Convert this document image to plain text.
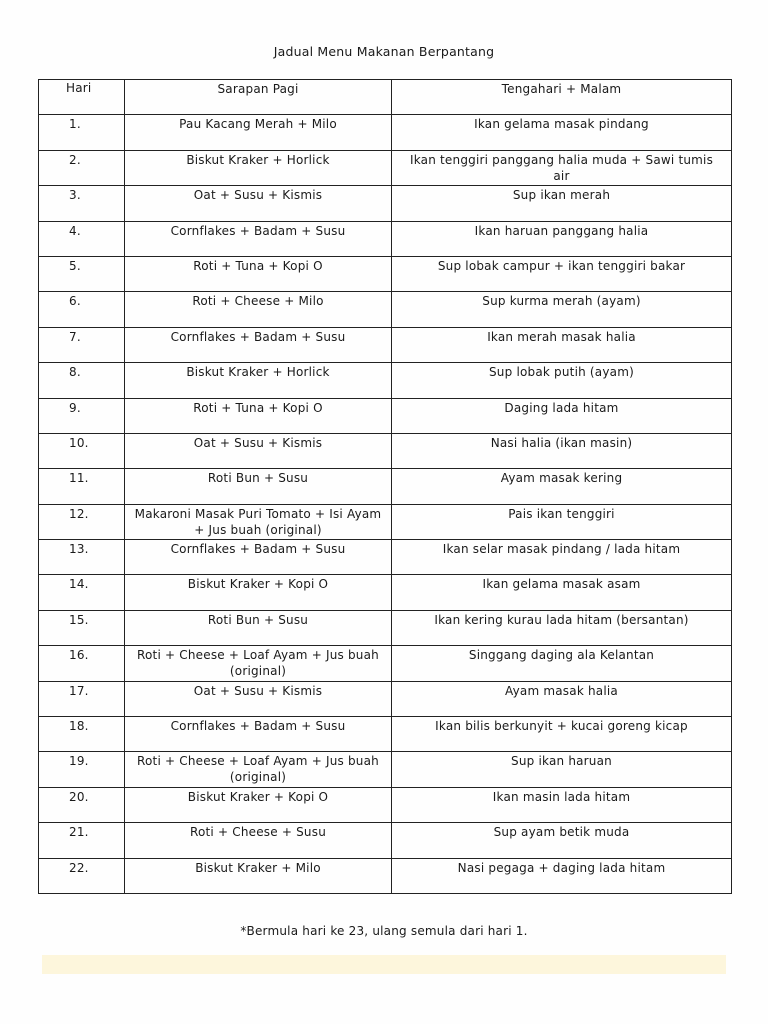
Jadual Menu Makanan Berpantang
Hari	Sarapan Pagi	Tengahari + Malam
1.	Pau Kacang Merah + Milo	Ikan gelama masak pindang
2.	Biskut Kraker + Horlick	Ikan tenggiri panggang halia muda + Sawi tumis air
3.	Oat + Susu + Kismis	Sup ikan merah
4.	Cornflakes + Badam + Susu	Ikan haruan panggang halia
5.	Roti + Tuna + Kopi O	Sup lobak campur + ikan tenggiri bakar
6.	Roti + Cheese + Milo	Sup kurma merah (ayam)
7.	Cornflakes + Badam + Susu	Ikan merah masak halia
8.	Biskut Kraker + Horlick	Sup lobak putih (ayam)
9.	Roti + Tuna + Kopi O	Daging lada hitam
10.	Oat + Susu + Kismis	Nasi halia (ikan masin)
11.	Roti Bun + Susu	Ayam masak kering
12.	Makaroni Masak Puri Tomato + Isi Ayam + Jus buah (original)	Pais ikan tenggiri
13.	Cornflakes + Badam + Susu	Ikan selar masak pindang / lada hitam
14.	Biskut Kraker + Kopi O	Ikan gelama masak asam
15.	Roti Bun + Susu	Ikan kering kurau lada hitam (bersantan)
16.	Roti + Cheese + Loaf Ayam + Jus buah (original)	Singgang daging ala Kelantan
17.	Oat + Susu + Kismis	Ayam masak halia
18.	Cornflakes + Badam + Susu	Ikan bilis berkunyit + kucai goreng kicap
19.	Roti + Cheese + Loaf Ayam + Jus buah (original)	Sup ikan haruan
20.	Biskut Kraker + Kopi O	Ikan masin lada hitam
21.	Roti + Cheese + Susu	Sup ayam betik muda
22.	Biskut Kraker + Milo	Nasi pegaga + daging lada hitam
*Bermula hari ke 23, ulang semula dari hari 1.
